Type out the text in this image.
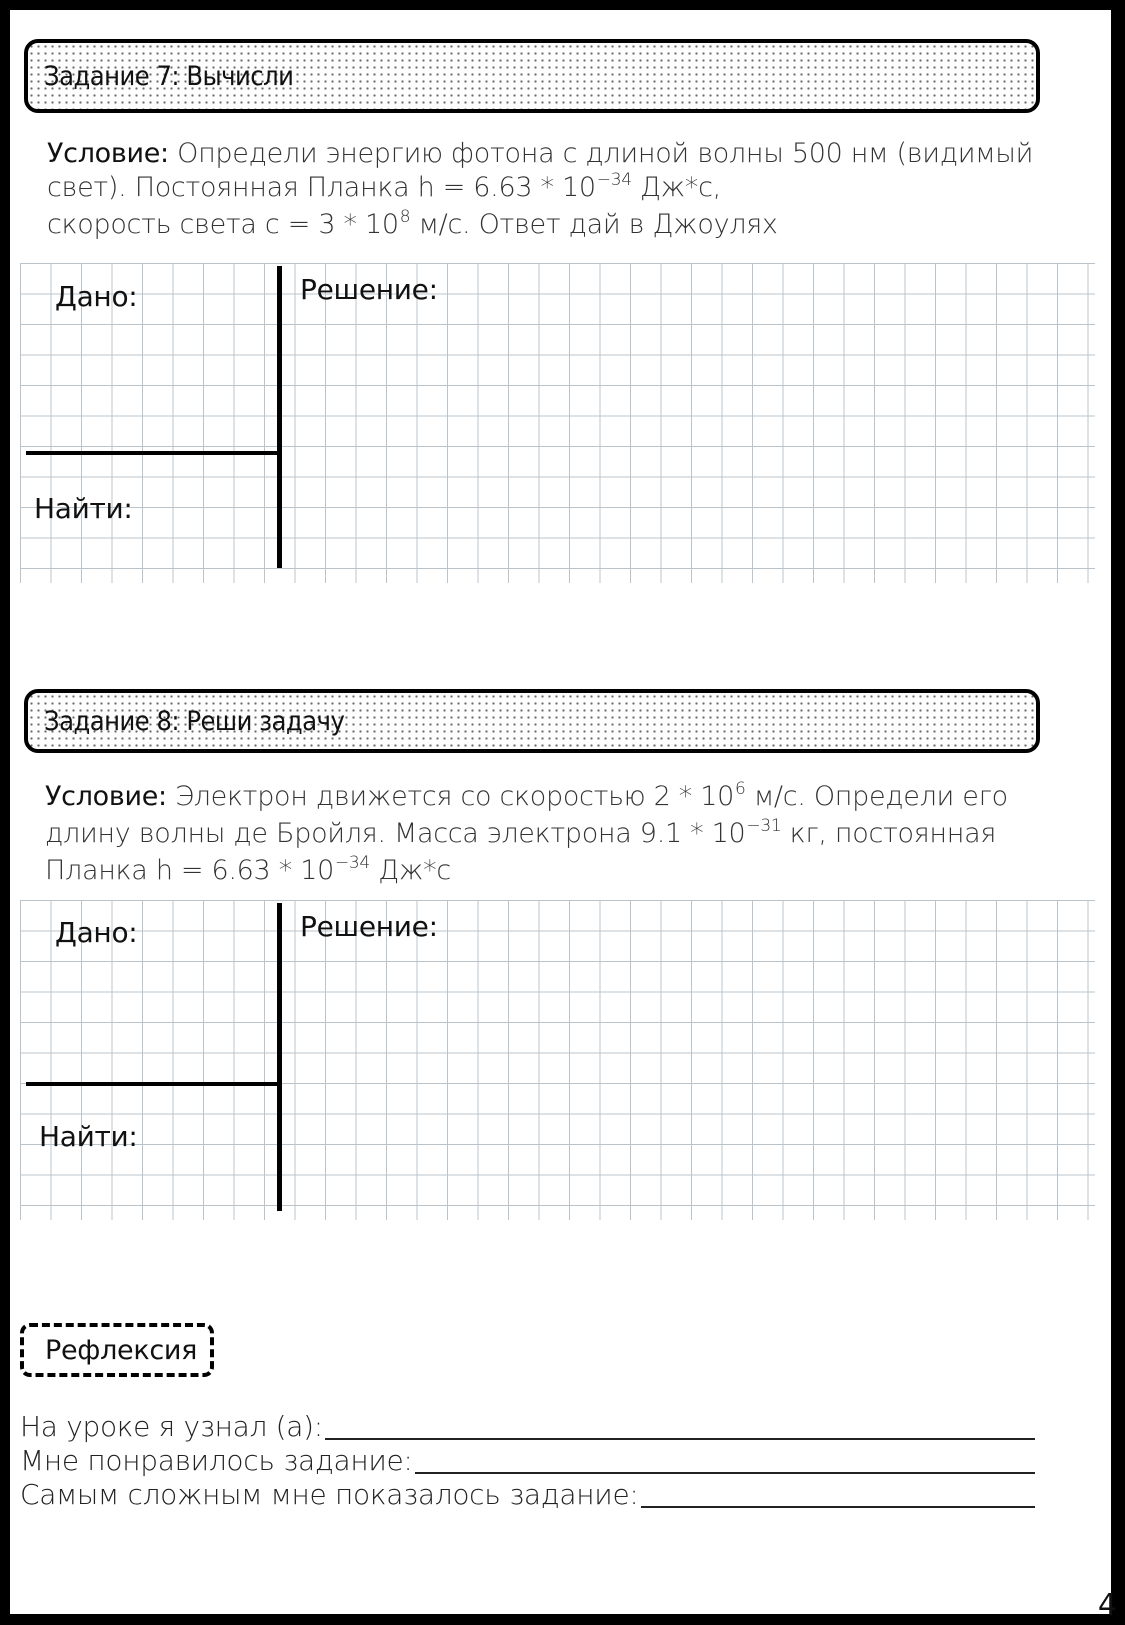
Задание 7: Вычисли
Условие: Определи энергию фотона с длиной волны 500 нм (видимый
свет). Постоянная Планка $h = 6.63 * 10^{-34}$ Дж*с,
скорость света $c = 3 * 10^8$ м/с. Ответ дай в Джоулях
Дано:	Решение:
Найти:
Задание 8: Реши задачу
Условие: Электрон движется со скоростью $2 * 10^6$ м/с. Определи его
длину волны де Бройля. Масса электрона $9.1 * 10^{-31}$ кг, постоянная
Планка $h = 6.63 * 10^{-34}$ Дж*с
Дано:	Решение:
Найти:
Рефлексия
На уроке я узнал (а):
Мне понравилось задание:
Самым сложным мне показалось задание:
4
